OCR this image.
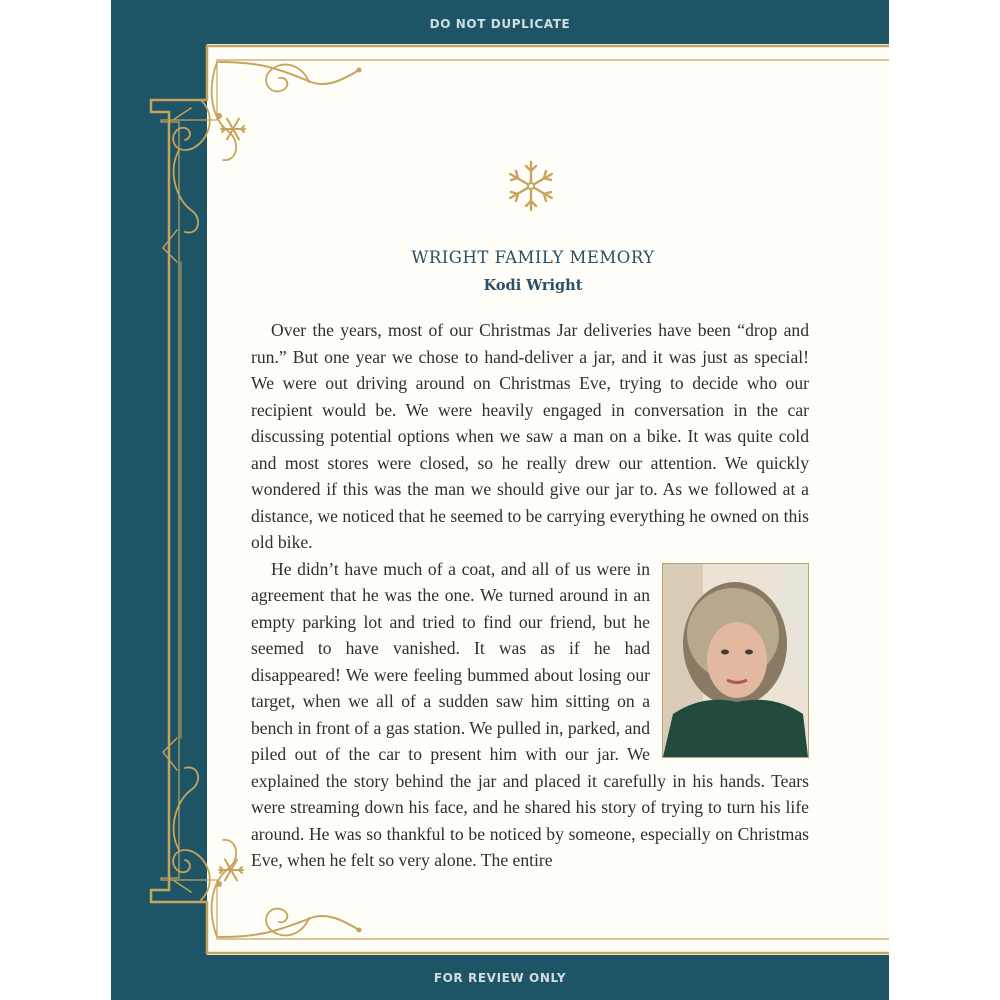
DO NOT DUPLICATE
WRIGHT FAMILY MEMORY
Kodi Wright

Over the years, most of our Christmas Jar deliveries have been “drop and run.” But one year we chose to hand-deliver a jar, and it was just as special! We were out driving around on Christmas Eve, trying to decide who our recipient would be. We were heavily engaged in conversation in the car discussing potential options when we saw a man on a bike. It was quite cold and most stores were closed, so he really drew our attention. We quickly wondered if this was the man we should give our jar to. As we followed at a distance, we noticed that he seemed to be carrying everything he owned on this old bike.

He didn’t have much of a coat, and all of us were in agreement that he was the one. We turned around in an empty parking lot and tried to find our friend, but he seemed to have vanished. It was as if he had disappeared! We were feeling bummed about losing our target, when we all of a sudden saw him sitting on a bench in front of a gas station. We pulled in, parked, and piled out of the car to present him with our jar. We explained the story behind the jar and placed it carefully in his hands. Tears were streaming down his face, and he shared his story of trying to turn his life around. He was so thankful to be noticed by someone, especially on Christmas Eve, when he felt so very alone. The entire

FOR REVIEW ONLY
